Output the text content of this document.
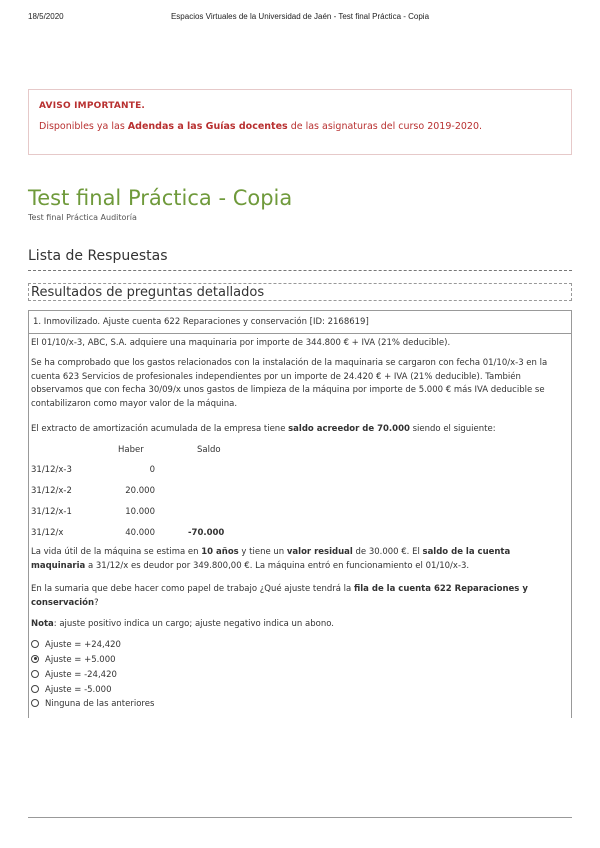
18/5/2020	Espacios Virtuales de la Universidad de Jaén - Test final Práctica - Copia
AVISO IMPORTANTE.
Disponibles ya las Adendas a las Guías docentes de las asignaturas del curso 2019-2020.
Test final Práctica - Copia
Test final Práctica Auditoría
Lista de Respuestas
Resultados de preguntas detallados
1. Inmovilizado. Ajuste cuenta 622 Reparaciones y conservación [ID: 2168619]

El 01/10/x-3, ABC, S.A. adquiere una maquinaria por importe de 344.800 € + IVA (21% deducible).

Se ha comprobado que los gastos relacionados con la instalación de la maquinaria se cargaron con fecha 01/10/x-3 en la cuenta 623 Servicios de profesionales independientes por un importe de 24.420 € + IVA (21% deducible). También observamos que con fecha 30/09/x unos gastos de limpieza de la máquina por importe de 5.000 € más IVA deducible se contabilizaron como mayor valor de la máquina.

El extracto de amortización acumulada de la empresa tiene saldo acreedor de 70.000 siendo el siguiente:

Haber	Saldo
31/12/x-3	0
31/12/x-2	20.000
31/12/x-1	10.000
31/12/x	40.000	-70.000

La vida útil de la máquina se estima en 10 años y tiene un valor residual de 30.000 €. El saldo de la cuenta maquinaria a 31/12/x es deudor por 349.800,00 €. La máquina entró en funcionamiento el 01/10/x-3.

En la sumaria que debe hacer como papel de trabajo ¿Qué ajuste tendrá la fila de la cuenta 622 Reparaciones y conservación?

Nota: ajuste positivo indica un cargo; ajuste negativo indica un abono.

Ajuste = +24,420
Ajuste = +5.000
Ajuste = -24,420
Ajuste = -5.000
Ninguna de las anteriores
